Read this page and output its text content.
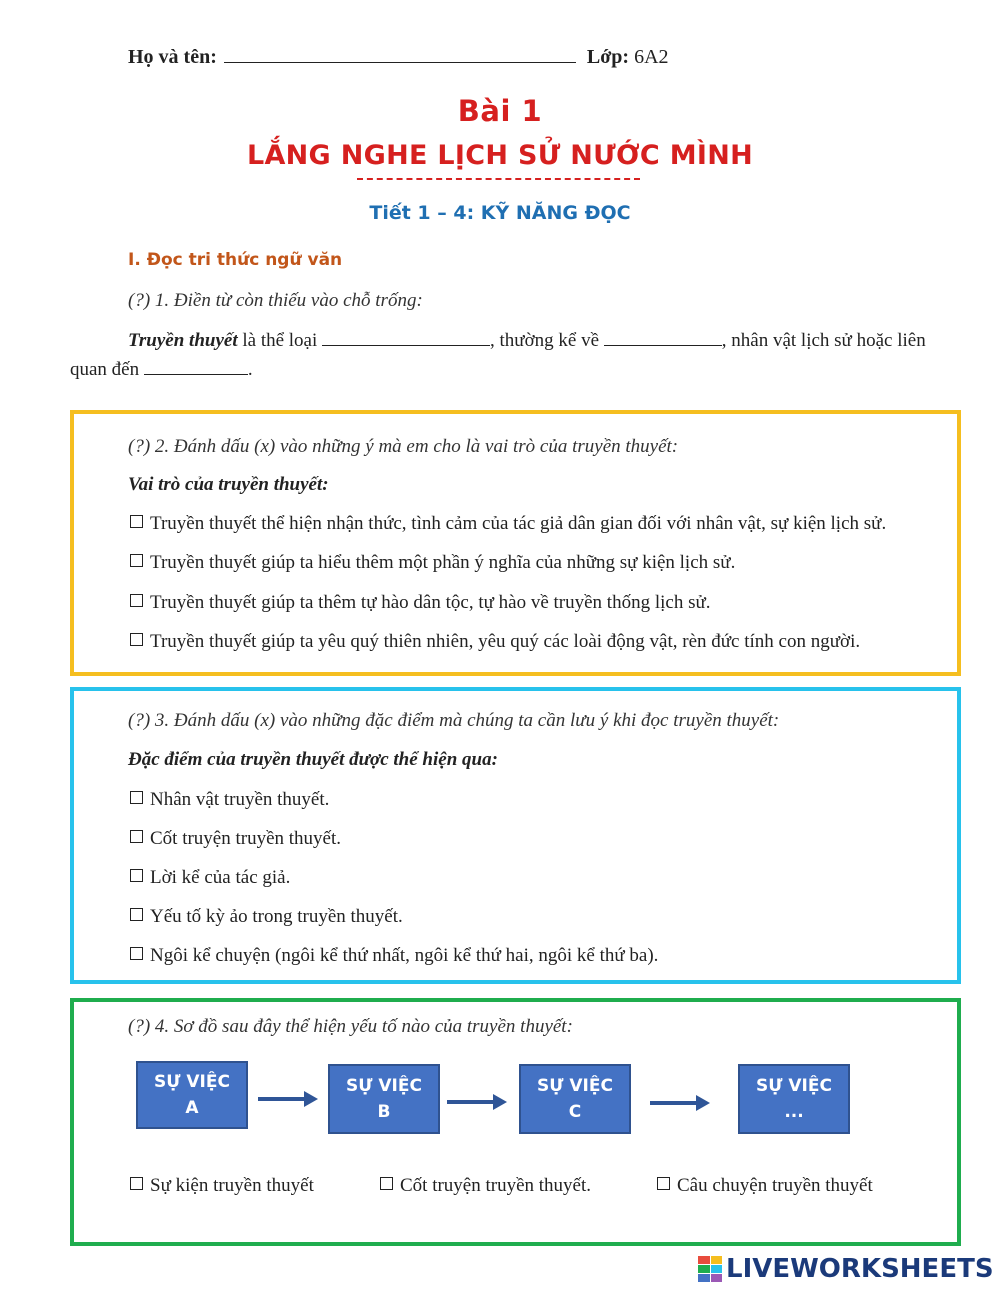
Họ và tên:	Lớp: 6A2
Bài 1
LẮNG NGHE LỊCH SỬ NƯỚC MÌNH
Tiết 1 – 4: KỸ NĂNG ĐỌC
I. Đọc tri thức ngữ văn
(?) 1. Điền từ còn thiếu vào chỗ trống:
Truyền thuyết là thể loại	, thường kể về	, nhân vật lịch sử hoặc liên quan đến	.
(?) 2. Đánh dấu (x) vào những ý mà em cho là vai trò của truyền thuyết:
Vai trò của truyền thuyết:
Truyền thuyết thể hiện nhận thức, tình cảm của tác giả dân gian đối với nhân vật, sự kiện lịch sử.
Truyền thuyết giúp ta hiểu thêm một phần ý nghĩa của những sự kiện lịch sử.
Truyền thuyết giúp ta thêm tự hào dân tộc, tự hào về truyền thống lịch sử.
Truyền thuyết giúp ta yêu quý thiên nhiên, yêu quý các loài động vật, rèn đức tính con người.
(?) 3. Đánh dấu (x) vào những đặc điểm mà chúng ta cần lưu ý khi đọc truyền thuyết:
Đặc điểm của truyền thuyết được thể hiện qua:
Nhân vật truyền thuyết.
Cốt truyện truyền thuyết.
Lời kể của tác giả.
Yếu tố kỳ ảo trong truyền thuyết.
Ngôi kể chuyện (ngôi kể thứ nhất, ngôi kể thứ hai, ngôi kể thứ ba).
(?) 4. Sơ đồ sau đây thể hiện yếu tố nào của truyền thuyết:
SỰ VIỆC
A
SỰ VIỆC
B
SỰ VIỆC
C
SỰ VIỆC
...
Sự kiện truyền thuyết	Cốt truyện truyền thuyết.	Câu chuyện truyền thuyết
LIVEWORKSHEETS
